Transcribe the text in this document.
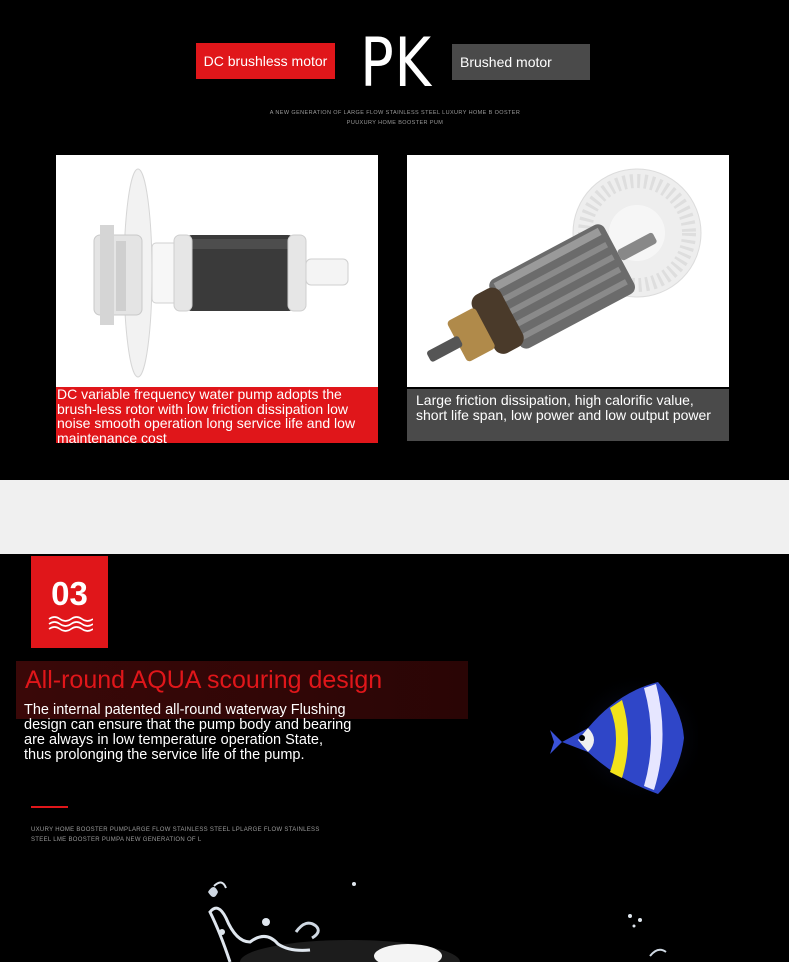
DC brushless motor PK	Brushed motor
A NEW GENERATION OF LARGE FLOW STAINLESS STEEL LUXURY HOME B OOSTER PUUXURY HOME BOOSTER PUM
DC variable frequency water pump adopts the brush-less rotor with low friction dissipation low noise smooth operation long service life and low maintenance cost
Large friction dissipation, high calorific value, short life span, low power and low output power
03
All-round AQUA scouring design
The internal patented all-round waterway Flushing design can ensure that the pump body and bearing are always in low temperature operation State, thus prolonging the service life of the pump.
UXURY HOME BOOSTER PUMPLARGE FLOW STAINLESS STEEL LPLARGE FLOW STAINLESS STEEL LME BOOSTER PUMPA NEW GENERATION OF L
